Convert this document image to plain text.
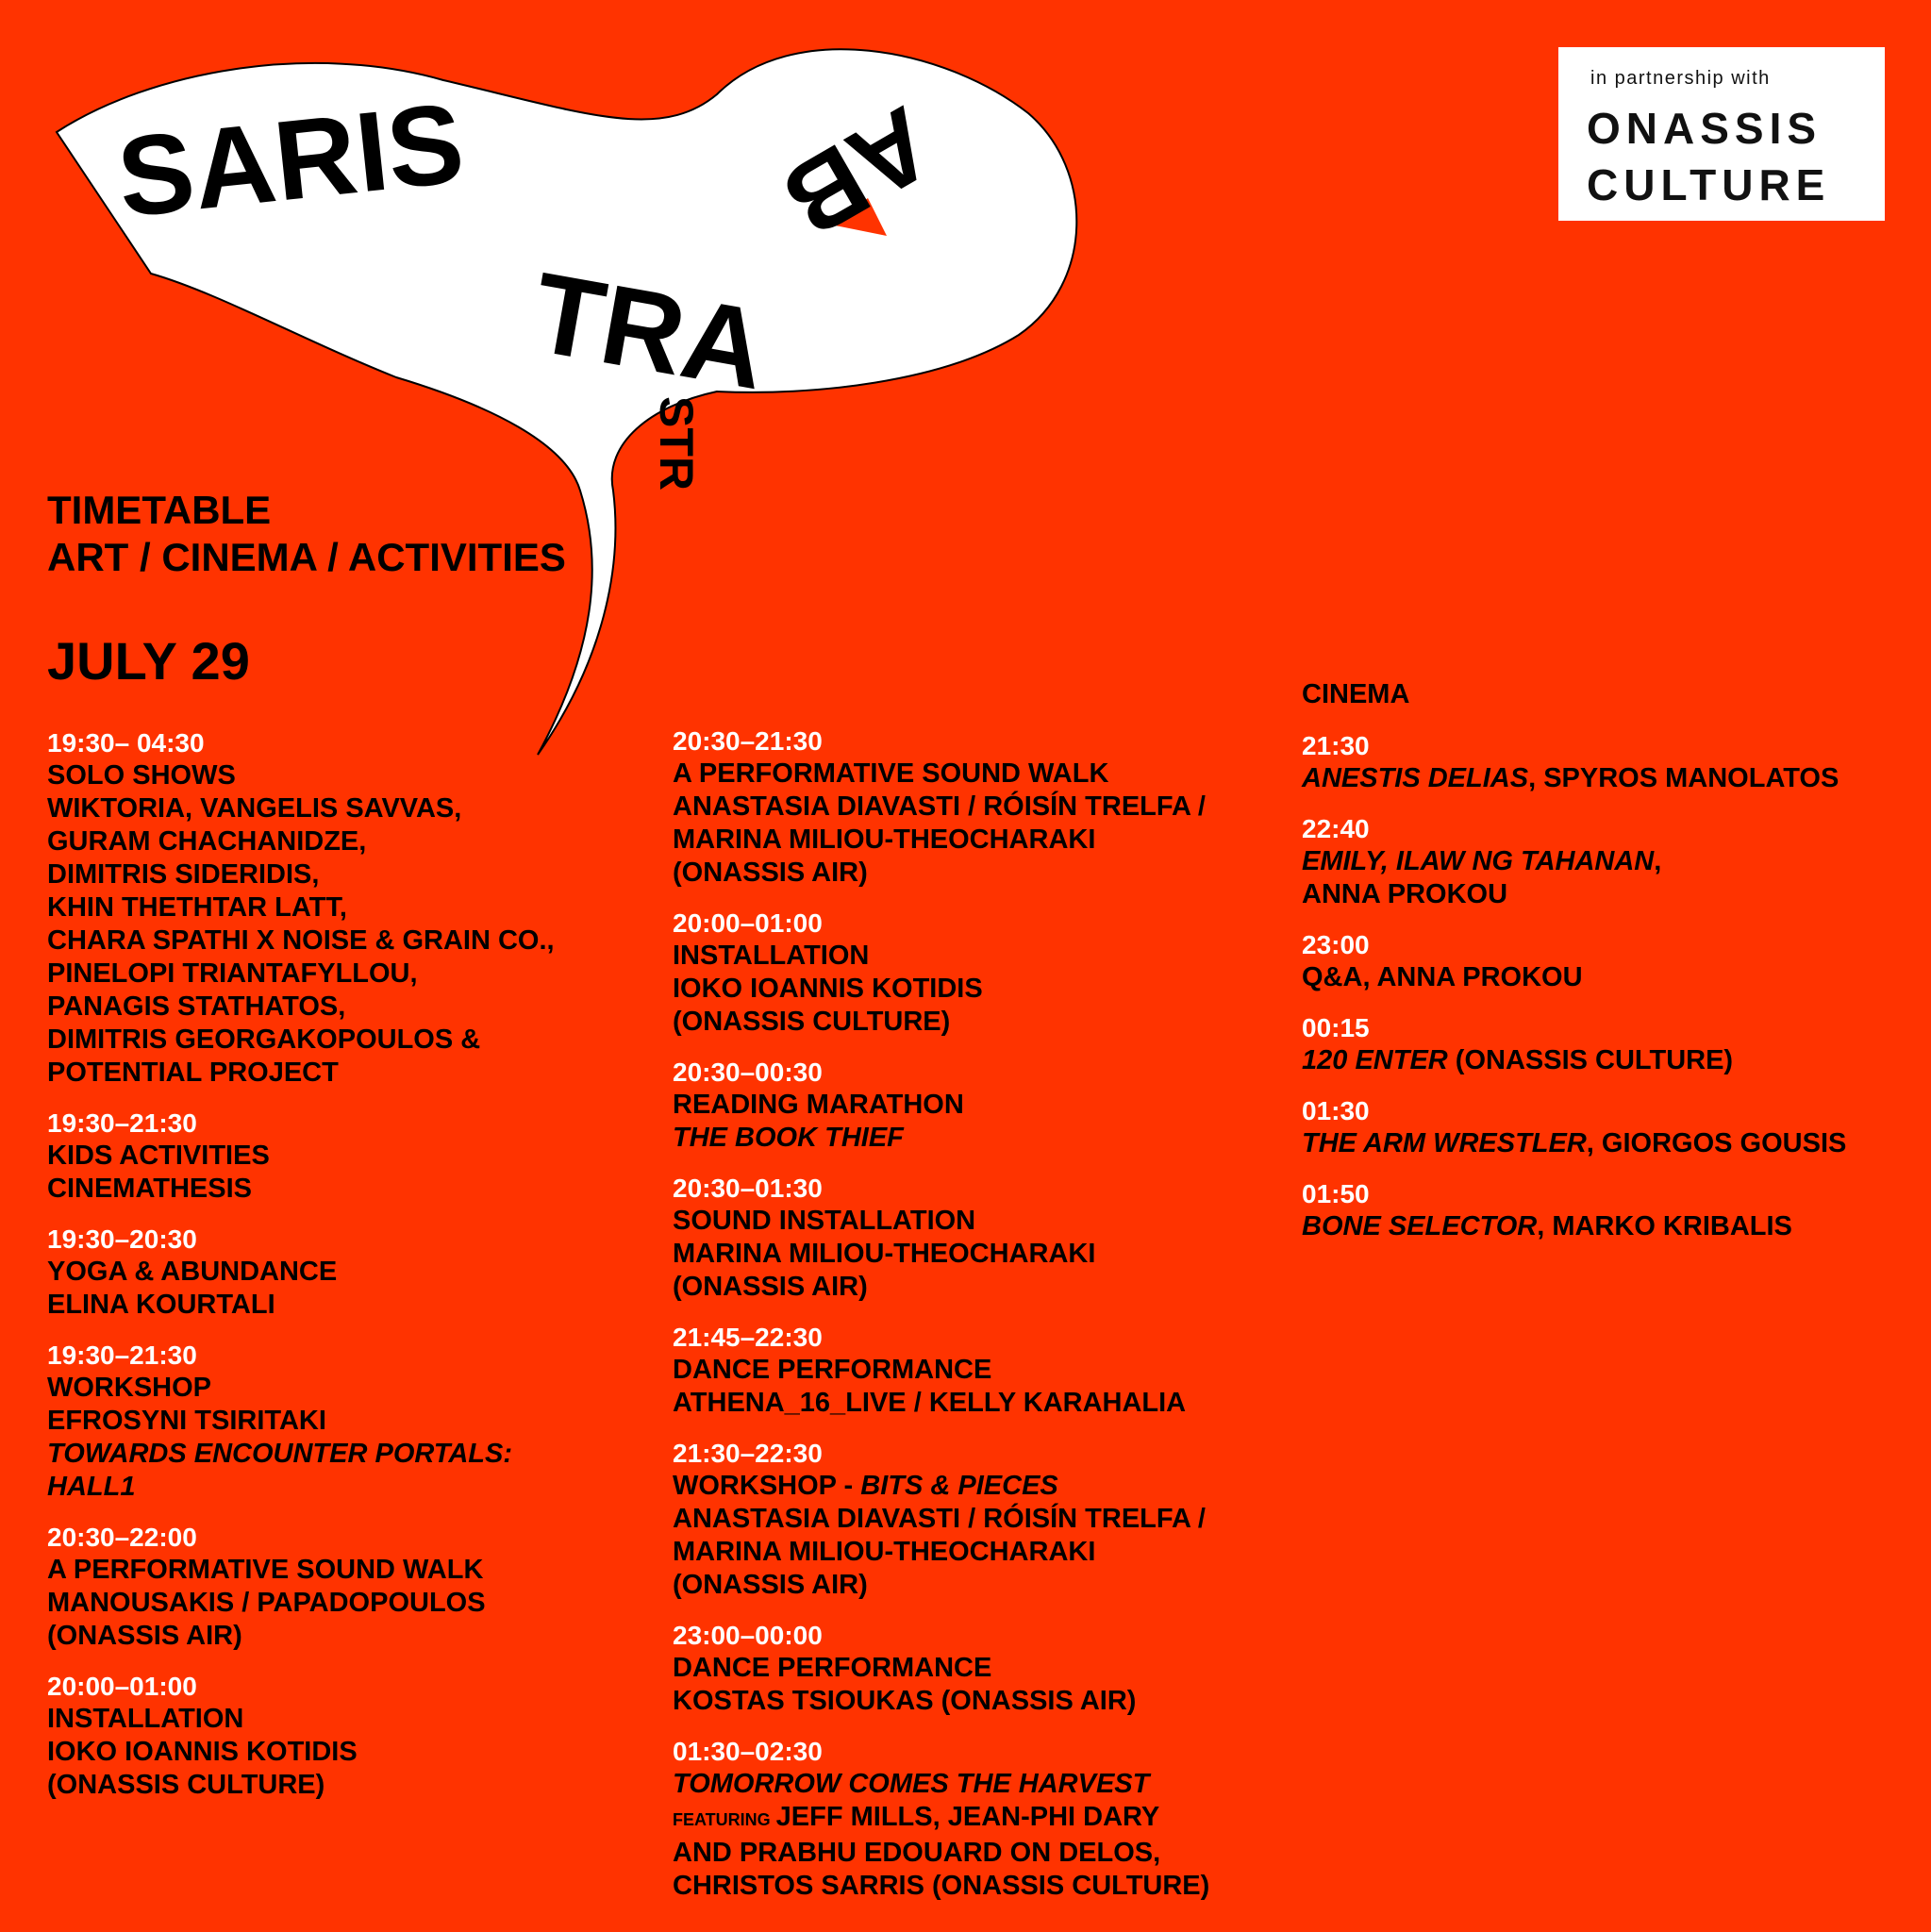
SARIS
TRA
AB
STR
in partnership with
ONASSIS
CULTURE
TIMETABLE
ART / CINEMA / ACTIVITIES
JULY 29
19:30– 04:30
SOLO SHOWS
WIKTORIA, VANGELIS SAVVAS,
GURAM CHACHANIDZE,
DIMITRIS SIDERIDIS,
KHIN THETHTAR LATT,
CHARA SPATHI X NOISE & GRAIN CO.,
PINELOPI TRIANTAFYLLOU,
PANAGIS STATHATOS,
DIMITRIS GEORGAKOPOULOS &
POTENTIAL PROJECT
19:30–21:30
KIDS ACTIVITIES
CINEMATHESIS
19:30–20:30
YOGA & ABUNDANCE
ELINA KOURTALI
19:30–21:30
WORKSHOP
EFROSYNI TSIRITAKI
TOWARDS ENCOUNTER PORTALS:
HALL1
20:30–22:00
A PERFORMATIVE SOUND WALK
MANOUSAKIS / PAPADOPOULOS
(ONASSIS AIR)
20:00–01:00
INSTALLATION
IOKO IOANNIS KOTIDIS
(ONASSIS CULTURE)
20:30–21:30
A PERFORMATIVE SOUND WALK
ANASTASIA DIAVASTI / RÓISÍN TRELFA /
MARINA MILIOU-THEOCHARAKI
(ONASSIS AIR)
20:00–01:00
INSTALLATION
IOKO IOANNIS KOTIDIS
(ONASSIS CULTURE)
20:30–00:30
READING MARATHON
THE BOOK THIEF
20:30–01:30
SOUND INSTALLATION
MARINA MILIOU-THEOCHARAKI
(ONASSIS AIR)
21:45–22:30
DANCE PERFORMANCE
ATHENA_16_LIVE / KELLY KARAHALIA
21:30–22:30
WORKSHOP - BITS & PIECES
ANASTASIA DIAVASTI / RÓISÍN TRELFA /
MARINA MILIOU-THEOCHARAKI
(ONASSIS AIR)
23:00–00:00
DANCE PERFORMANCE
KOSTAS TSIOUKAS (ONASSIS AIR)
01:30–02:30
TOMORROW COMES THE HARVEST
FEATURING JEFF MILLS, JEAN-PHI DARY
AND PRABHU EDOUARD ON DELOS,
CHRISTOS SARRIS (ONASSIS CULTURE)
CINEMA
21:30
ANESTIS DELIAS, SPYROS MANOLATOS
22:40
EMILY, ILAW NG TAHANAN,
ANNA PROKOU
23:00
Q&A, ANNA PROKOU
00:15
120 ENTER (ONASSIS CULTURE)
01:30
THE ARM WRESTLER, GIORGOS GOUSIS
01:50
BONE SELECTOR, MARKO KRIBALIS
